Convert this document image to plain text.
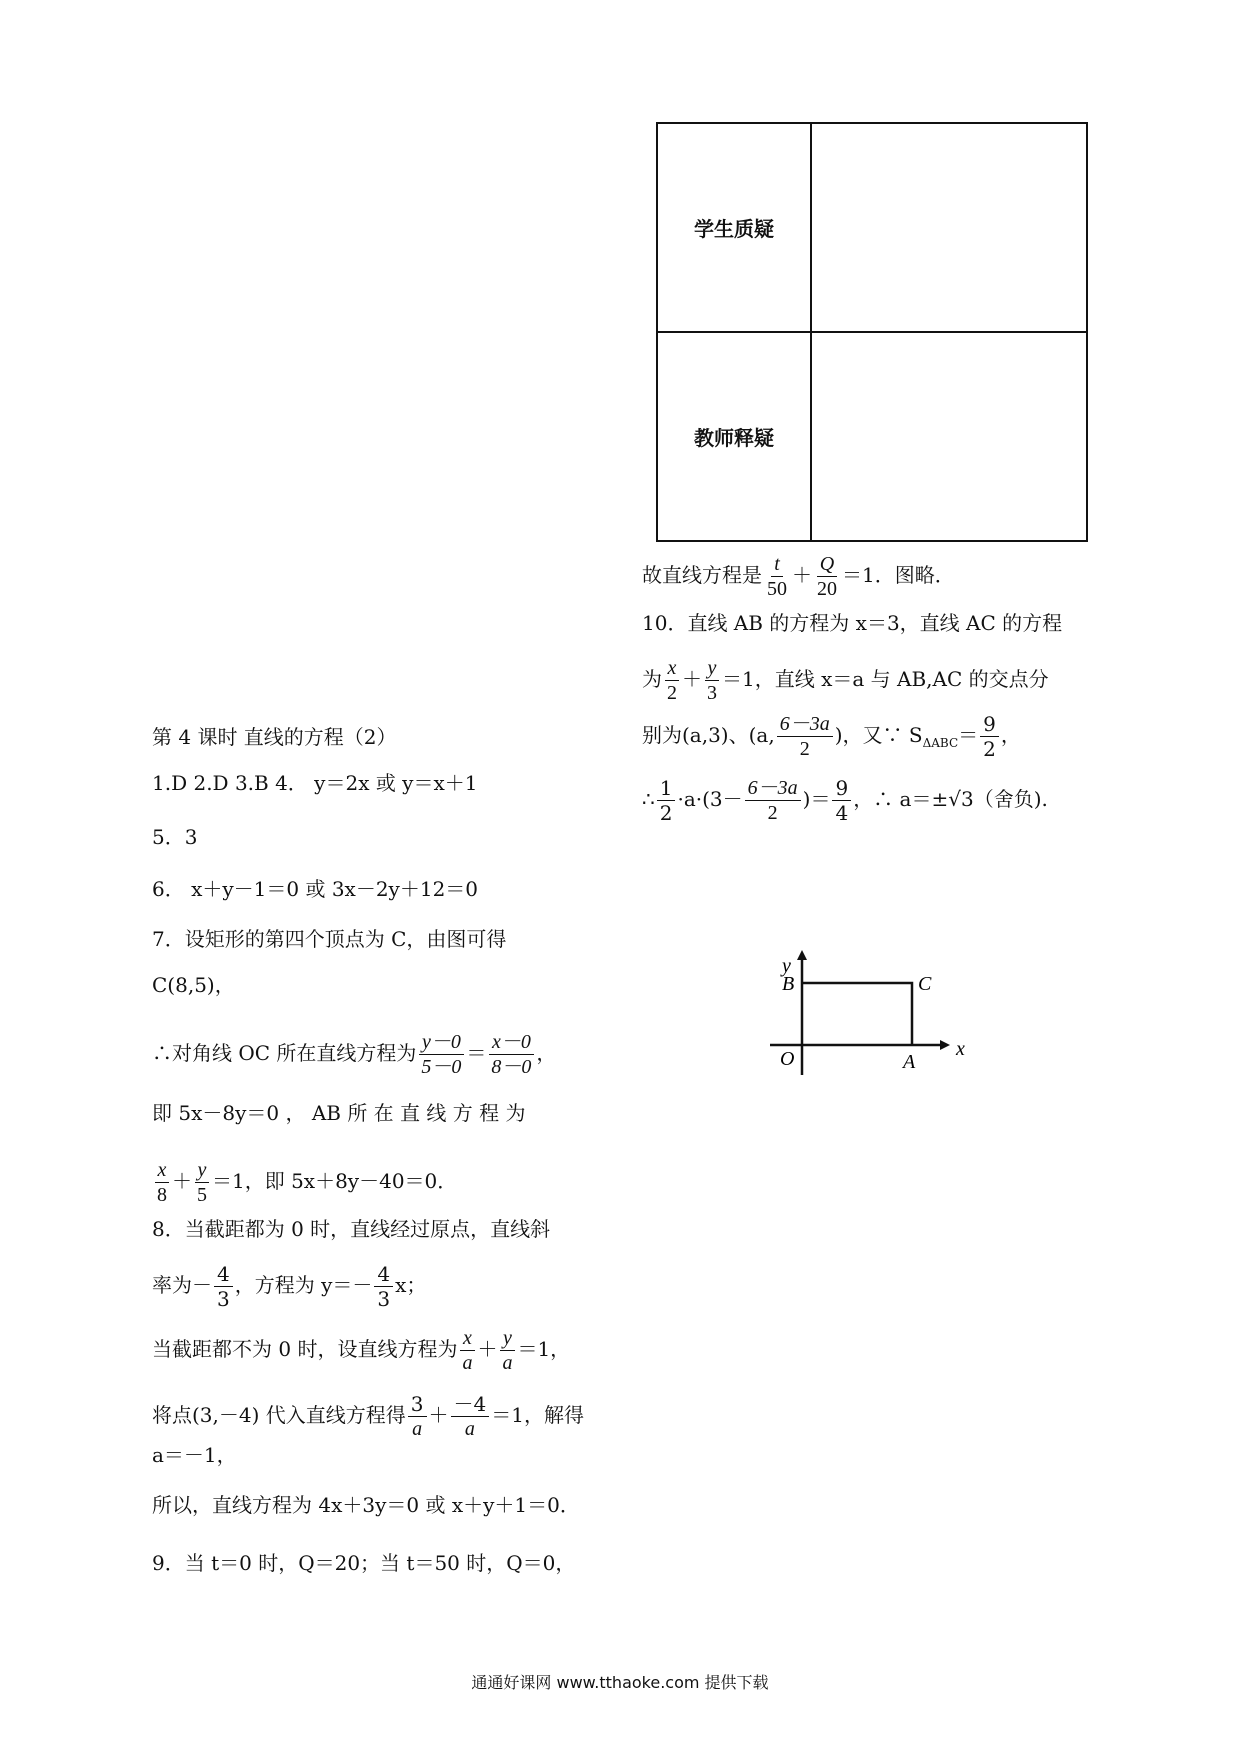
学生质疑	
教师释疑	
故直线方程是 $\frac{t}{50} + \frac{Q}{20} =1$．图略．
10．直线 AB 的方程为 x＝3，直线 AC 的方程
为 $\frac{x}{2} + \frac{y}{3} =1$，直线 x＝a 与 AB,AC 的交点分
别为(a,3)、(a, $\frac{6-3a}{2}$ )，又∵ $S_{\Delta ABC}= \frac{9}{2}$ ，
∴ $\frac{1}{2} \cdot a\cdot(3- \frac{6-3a}{2}$ )＝ $\frac{9}{4}$ ，∴ a＝±√3（舍负).
y
x
B	C
O	A
第 4 课时 直线的方程（2）
1.D 2.D 3.B 4． y＝2x 或 y＝x＋1
5．3
6． x＋y－1＝0 或 3x－2y＋12＝0
7．设矩形的第四个顶点为 C，由图可得
C(8,5)，
∴对角线 OC 所在直线方程为 $\frac{y-0}{5-0} = \frac{x-0}{8-0}$ ，
即 5x－8y＝0 ， AB 所 在 直 线 方 程 为
$\frac{x}{8} + \frac{y}{5} =1$，即 5x＋8y－40＝0．
8．当截距都为 0 时，直线经过原点，直线斜
率为－ $\frac{4}{3}$ ，方程为 $y=- \frac{4}{3}$ x；
当截距都不为 0 时，设直线方程为 $\frac{x}{a} + \frac{y}{a} =1$，
将点(3,－4) 代入直线方程得 $\frac{3}{a} + \frac{-4}{a} =1$，解得
a＝－1，
所以，直线方程为 4x＋3y＝0 或 x＋y＋1＝0．
9．当 t＝0 时，Q＝20；当 t＝50 时，Q＝0，
通通好课网 www.tthaoke.com 提供下载
